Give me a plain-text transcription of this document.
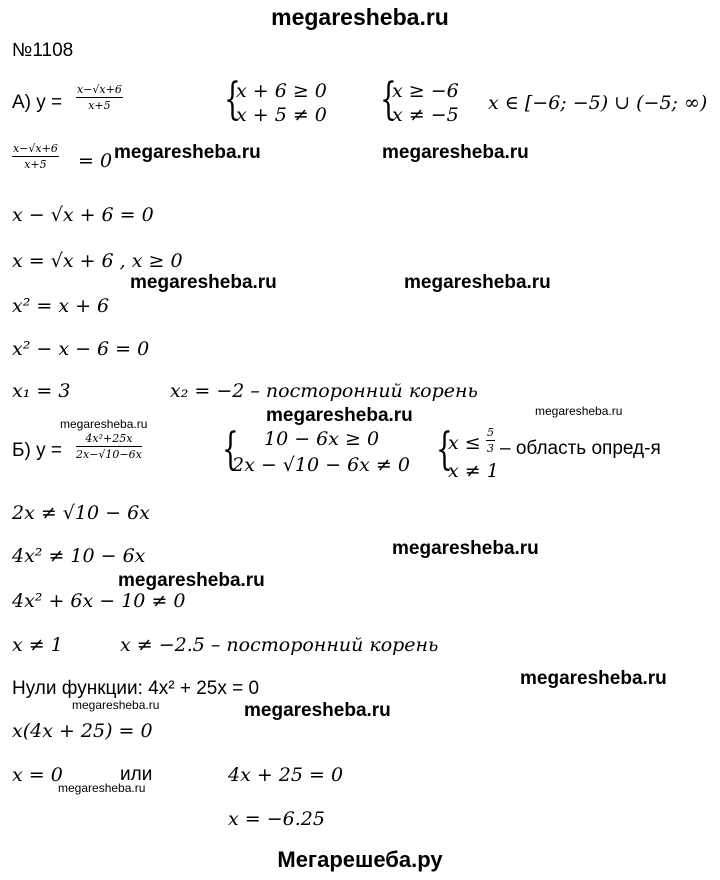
megaresheba.ru
№1108
А) $y = \frac{x-√x+6}{x+5}$ {
x + 6 ≥ 0
x + 5 ≠ 0 {
x ≥ −6
x ≠ −5
x ∈ [−6; −5) ∪ (−5; ∞)
$\frac{x-√x+6}{x+5} = 0$
x − √x + 6 = 0
x = √x + 6 , x ≥ 0
x² = x + 6
x² − x − 6 = 0
x₁ = 3	x₂ = −2 – посторонний корень
Б) $y = \frac{\text{4x²+25x}}{2x-√10-6x}$ { 10 − 6x ≥ 0
2x − √10 − 6x ≠ 0 {
$x \le \frac{5}{3}$ – область опред-я
x ≠ 1
2x ≠ √10 − 6x
4x² ≠ 10 − 6x
4x² + 6x − 10 ≠ 0
x ≠ 1	x ≠ −2.5 – посторонний корень
Нули функции: 4x² + 25x = 0
x(4x + 25) = 0
x = 0	или	4x + 25 = 0
x = −6.25
megaresheba.ru	megaresheba.ru
megaresheba.ru	megaresheba.ru
megaresheba.ru	megaresheba.ru	megaresheba.ru
megaresheba.ru
megaresheba.ru
megaresheba.ru
megaresheba.ru	megaresheba.ru
megaresheba.ru
Мегарешеба.ру
